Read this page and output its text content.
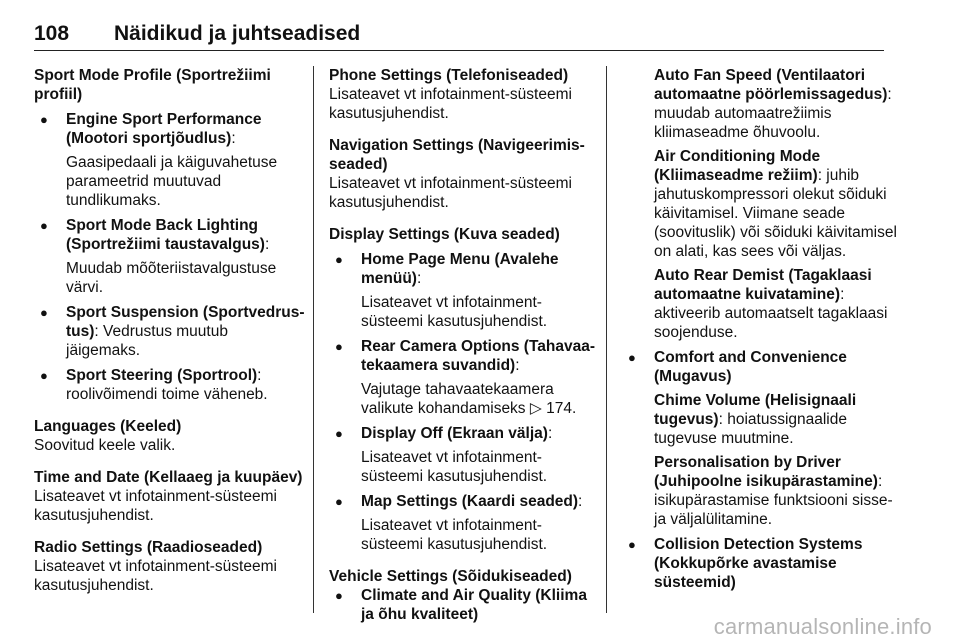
108 Näidikud ja juhtseadised

Sport Mode Profile (Sportrežiimi profiil)

● Engine Sport Performance (Mootori sportjõudlus):

Gaasipedaali ja käiguvahetuse parameetrid muutuvad tundlikumaks.

● Sport Mode Back Lighting (Sportrežiimi taustavalgus):

Muudab mõõteriistavalgustuse värvi.

● Sport Suspension (Sportvedrus-tus): Vedrustus muutub jäigemaks.
● Sport Steering (Sportrool):
roolivõimendi toime väheneb.

Languages (Keeled)

Soovitud keele valik.

Time and Date (Kellaaeg ja kuupäev)

Lisateavet vt infotainment-süsteemi kasutusjuhendist.

Radio Settings (Raadioseaded)

Lisateavet vt infotainment-süsteemi kasutusjuhendist.

Phone Settings (Telefoniseaded)

Lisateavet vt infotainment-süsteemi kasutusjuhendist.

Navigation Settings (Navigeerimis-seaded)

Lisateavet vt infotainment-süsteemi kasutusjuhendist.

Display Settings (Kuva seaded)

● Home Page Menu (Avalehe menüü):

Lisateavet vt infotainment-süsteemi kasutusjuhendist.

● Rear Camera Options (Tahavaa-tekaamera suvandid):

Vajutage tahavaatekaamera valikute kohandamiseks ▷ 174.

● Display Off (Ekraan välja):

Lisateavet vt infotainment-süsteemi kasutusjuhendist.

● Map Settings (Kaardi seaded):

Lisateavet vt infotainment-süsteemi kasutusjuhendist.

Vehicle Settings (Sõidukiseaded)

● Climate and Air Quality (Kliima ja õhu kvaliteet)

Auto Fan Speed (Ventilaatori automaatne pöörlemissagedus): muudab automaatrežiimis kliimaseadme õhuvoolu.

Air Conditioning Mode (Kliimaseadme režiim): juhib jahutuskompressori olekut sõiduki käivitamisel. Viimane seade (soovituslik) või sõiduki käivitamisel on alati, kas sees või väljas.

Auto Rear Demist (Tagaklaasi automaatne kuivatamine): aktiveerib automaatselt tagaklaasi soojenduse.

● Comfort and Convenience (Mugavus)

Chime Volume (Helisignaali tugevus): hoiatussignaalide tugevuse muutmine.

Personalisation by Driver (Juhipoolne isikupärastamine): isikupärastamise funktsiooni sisse- ja väljalülitamine.

● Collision Detection Systems (Kokkupõrke avastamise süsteemid)

carmanualsonline.info
